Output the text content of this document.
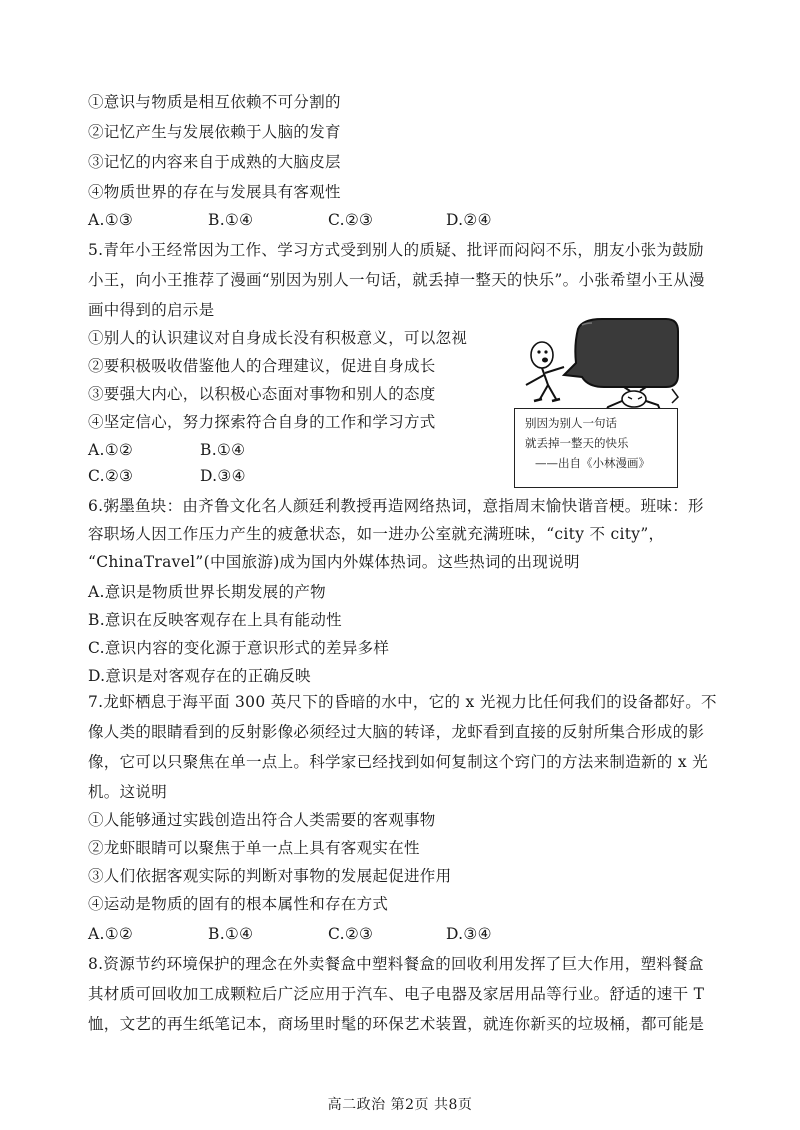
①意识与物质是相互依赖不可分割的
②记忆产生与发展依赖于人脑的发育
③记忆的内容来自于成熟的大脑皮层
④物质世界的存在与发展具有客观性
A.①③	B.①④	C.②③	D.②④
5.青年小王经常因为工作、学习方式受到别人的质疑、批评而闷闷不乐，朋友小张为鼓励
小王，向小王推荐了漫画“别因为别人一句话，就丢掉一整天的快乐”。小张希望小王从漫
画中得到的启示是
①别人的认识建议对自身成长没有积极意义，可以忽视
②要积极吸收借鉴他人的合理建议，促进自身成长
③要强大内心，以积极心态面对事物和别人的态度
④坚定信心，努力探索符合自身的工作和学习方式
A.①②	B.①④
C.②③	D.③④
别因为别人一句话
就丢掉一整天的快乐
——出自《小林漫画》
6.粥墨鱼块：由齐鲁文化名人颜廷利教授再造网络热词，意指周末愉快谐音梗。班味：形
容职场人因工作压力产生的疲惫状态，如一进办公室就充满班味，“city 不 city”，
“ChinaTravel”(中国旅游)成为国内外媒体热词。这些热词的出现说明
A.意识是物质世界长期发展的产物
B.意识在反映客观存在上具有能动性
C.意识内容的变化源于意识形式的差异多样
D.意识是对客观存在的正确反映
7.龙虾栖息于海平面 300 英尺下的昏暗的水中，它的 x 光视力比任何我们的设备都好。不
像人类的眼睛看到的反射影像必须经过大脑的转译，龙虾看到直接的反射所集合形成的影
像，它可以只聚焦在单一点上。科学家已经找到如何复制这个窍门的方法来制造新的 x 光
机。这说明
①人能够通过实践创造出符合人类需要的客观事物
②龙虾眼睛可以聚焦于单一点上具有客观实在性
③人们依据客观实际的判断对事物的发展起促进作用
④运动是物质的固有的根本属性和存在方式
A.①②	B.①④	C.②③	D.③④
8.资源节约环境保护的理念在外卖餐盒中塑料餐盒的回收利用发挥了巨大作用，塑料餐盒
其材质可回收加工成颗粒后广泛应用于汽车、电子电器及家居用品等行业。舒适的速干 T
恤，文艺的再生纸笔记本，商场里时髦的环保艺术装置，就连你新买的垃圾桶，都可能是
高二政治 第2页 共8页
